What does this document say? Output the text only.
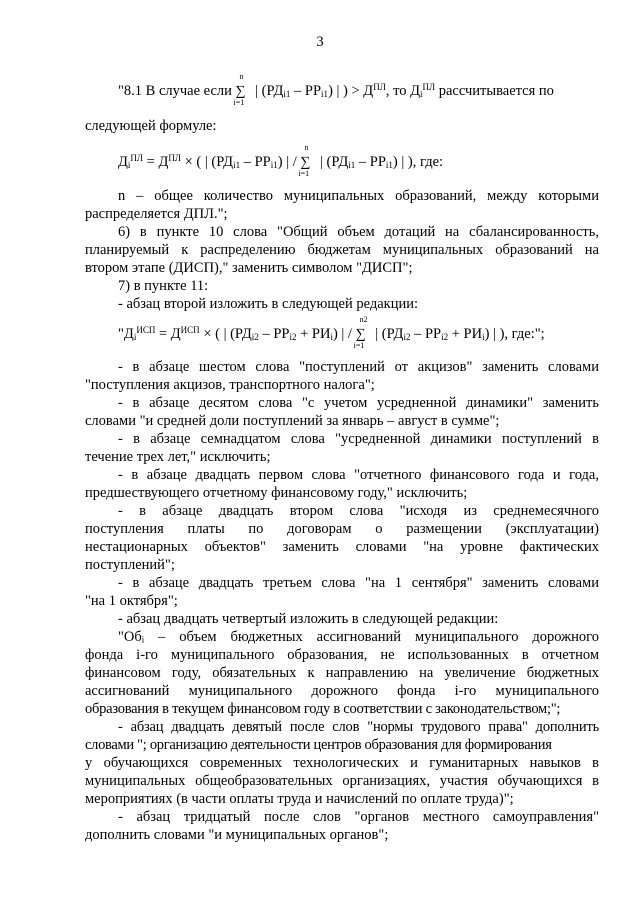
3
"8.1 В случае если
n
∑
i=1
| $(РД_{i1} - РР_{i1})$ | ) > $Д^{ПЛ}$, то $Д_i^{ПЛ}$ рассчитывается по
следующей формуле:
$Д_i^{ПЛ} = Д^{ПЛ}$ × ( | $(РД_{i1} - РР_{i1})$ | /
n
∑
i=1
| $(РД_{i1} - РР_{i1})$ | ), где:
n – общее количество муниципальных образований, между которыми
распределяется ДПЛ.";
6) в пункте 10 слова "Общий объем дотаций на сбалансированность,
планируемый к распределению бюджетам муниципальных образований на
втором этапе (ДИСП)," заменить символом "ДИСП";
7) в пункте 11:
- абзац второй изложить в следующей редакции:
"$Д_i^{ИСП} = Д^{ИСП}$ × ( | $(РД_{i2} - РР_{i2} + РИ_i)$ | /
n2
∑
i=1
| $(РД_{i2} - РР_{i2} + РИ_i)$ | ), где:";
- в абзаце шестом слова "поступлений от акцизов" заменить словами
"поступления акцизов, транспортного налога";
- в абзаце десятом слова "с учетом усредненной динамики" заменить
словами "и средней доли поступлений за январь – август в сумме";
- в абзаце семнадцатом слова "усредненной динамики поступлений в
течение трех лет," исключить;
- в абзаце двадцать первом слова "отчетного финансового года и года,
предшествующего отчетному финансовому году," исключить;
- в абзаце двадцать втором слова "исходя из среднемесячного
поступления платы по договорам о размещении (эксплуатации)
нестационарных объектов" заменить словами "на уровне фактических
поступлений";
- в абзаце двадцать третьем слова "на 1 сентября" заменить словами
"на 1 октября";
- абзац двадцать четвертый изложить в следующей редакции:
"Обᵢ – объем бюджетных ассигнований муниципального дорожного
фонда i-го муниципального образования, не использованных в отчетном
финансовом году, обязательных к направлению на увеличение бюджетных
ассигнований муниципального дорожного фонда i-го муниципального
образования в текущем финансовом году в соответствии с законодательством;";
- абзац двадцать девятый после слов "нормы трудового права" дополнить
словами "; организацию деятельности центров образования для формирования
у обучающихся современных технологических и гуманитарных навыков в
муниципальных общеобразовательных организациях, участия обучающихся в
мероприятиях (в части оплаты труда и начислений по оплате труда)";
- абзац тридцатый после слов "органов местного самоуправления"
дополнить словами "и муниципальных органов";
